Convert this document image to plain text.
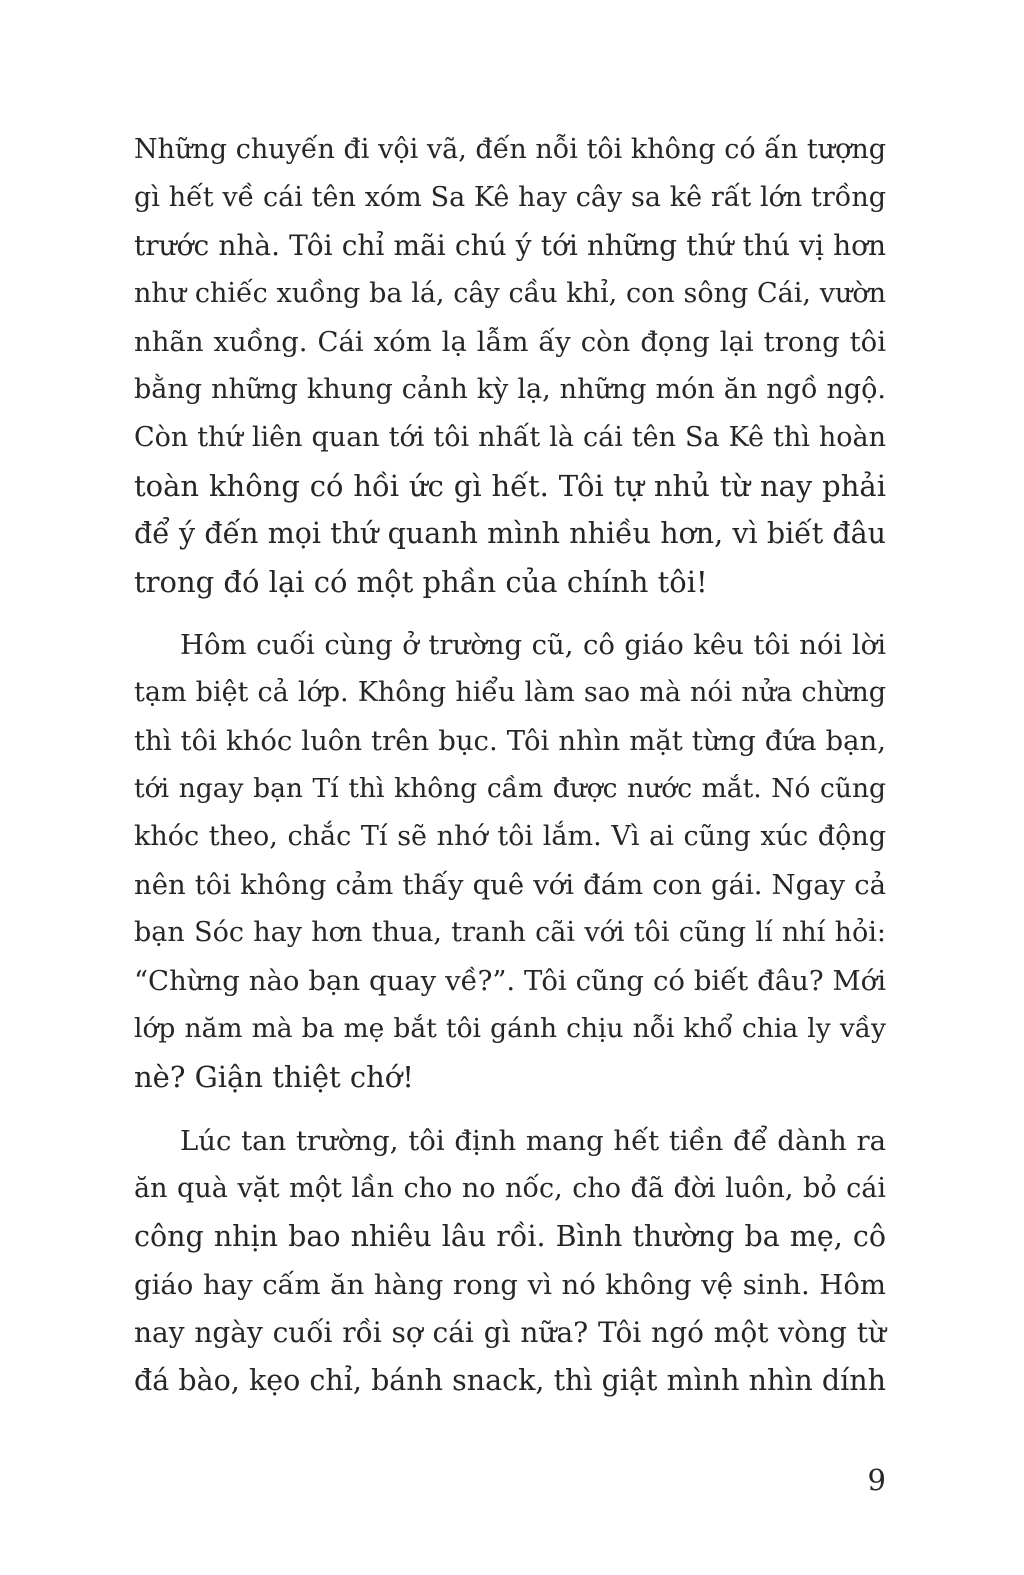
Những chuyến đi vội vã, đến nỗi tôi không có ấn tượng
gì hết về cái tên xóm Sa Kê hay cây sa kê rất lớn trồng
trước nhà. Tôi chỉ mãi chú ý tới những thứ thú vị hơn
như chiếc xuồng ba lá, cây cầu khỉ, con sông Cái, vườn
nhãn xuồng. Cái xóm lạ lẫm ấy còn đọng lại trong tôi
bằng những khung cảnh kỳ lạ, những món ăn ngồ ngộ.
Còn thứ liên quan tới tôi nhất là cái tên Sa Kê thì hoàn
toàn không có hồi ức gì hết. Tôi tự nhủ từ nay phải
để ý đến mọi thứ quanh mình nhiều hơn, vì biết đâu
trong đó lại có một phần của chính tôi!
Hôm cuối cùng ở trường cũ, cô giáo kêu tôi nói lời
tạm biệt cả lớp. Không hiểu làm sao mà nói nửa chừng
thì tôi khóc luôn trên bục. Tôi nhìn mặt từng đứa bạn,
tới ngay bạn Tí thì không cầm được nước mắt. Nó cũng
khóc theo, chắc Tí sẽ nhớ tôi lắm. Vì ai cũng xúc động
nên tôi không cảm thấy quê với đám con gái. Ngay cả
bạn Sóc hay hơn thua, tranh cãi với tôi cũng lí nhí hỏi:
“Chừng nào bạn quay về?”. Tôi cũng có biết đâu? Mới
lớp năm mà ba mẹ bắt tôi gánh chịu nỗi khổ chia ly vầy
nè? Giận thiệt chớ!
Lúc tan trường, tôi định mang hết tiền để dành ra
ăn quà vặt một lần cho no nốc, cho đã đời luôn, bỏ cái
công nhịn bao nhiêu lâu rồi. Bình thường ba mẹ, cô
giáo hay cấm ăn hàng rong vì nó không vệ sinh. Hôm
nay ngày cuối rồi sợ cái gì nữa? Tôi ngó một vòng từ
đá bào, kẹo chỉ, bánh snack, thì giật mình nhìn dính
9
